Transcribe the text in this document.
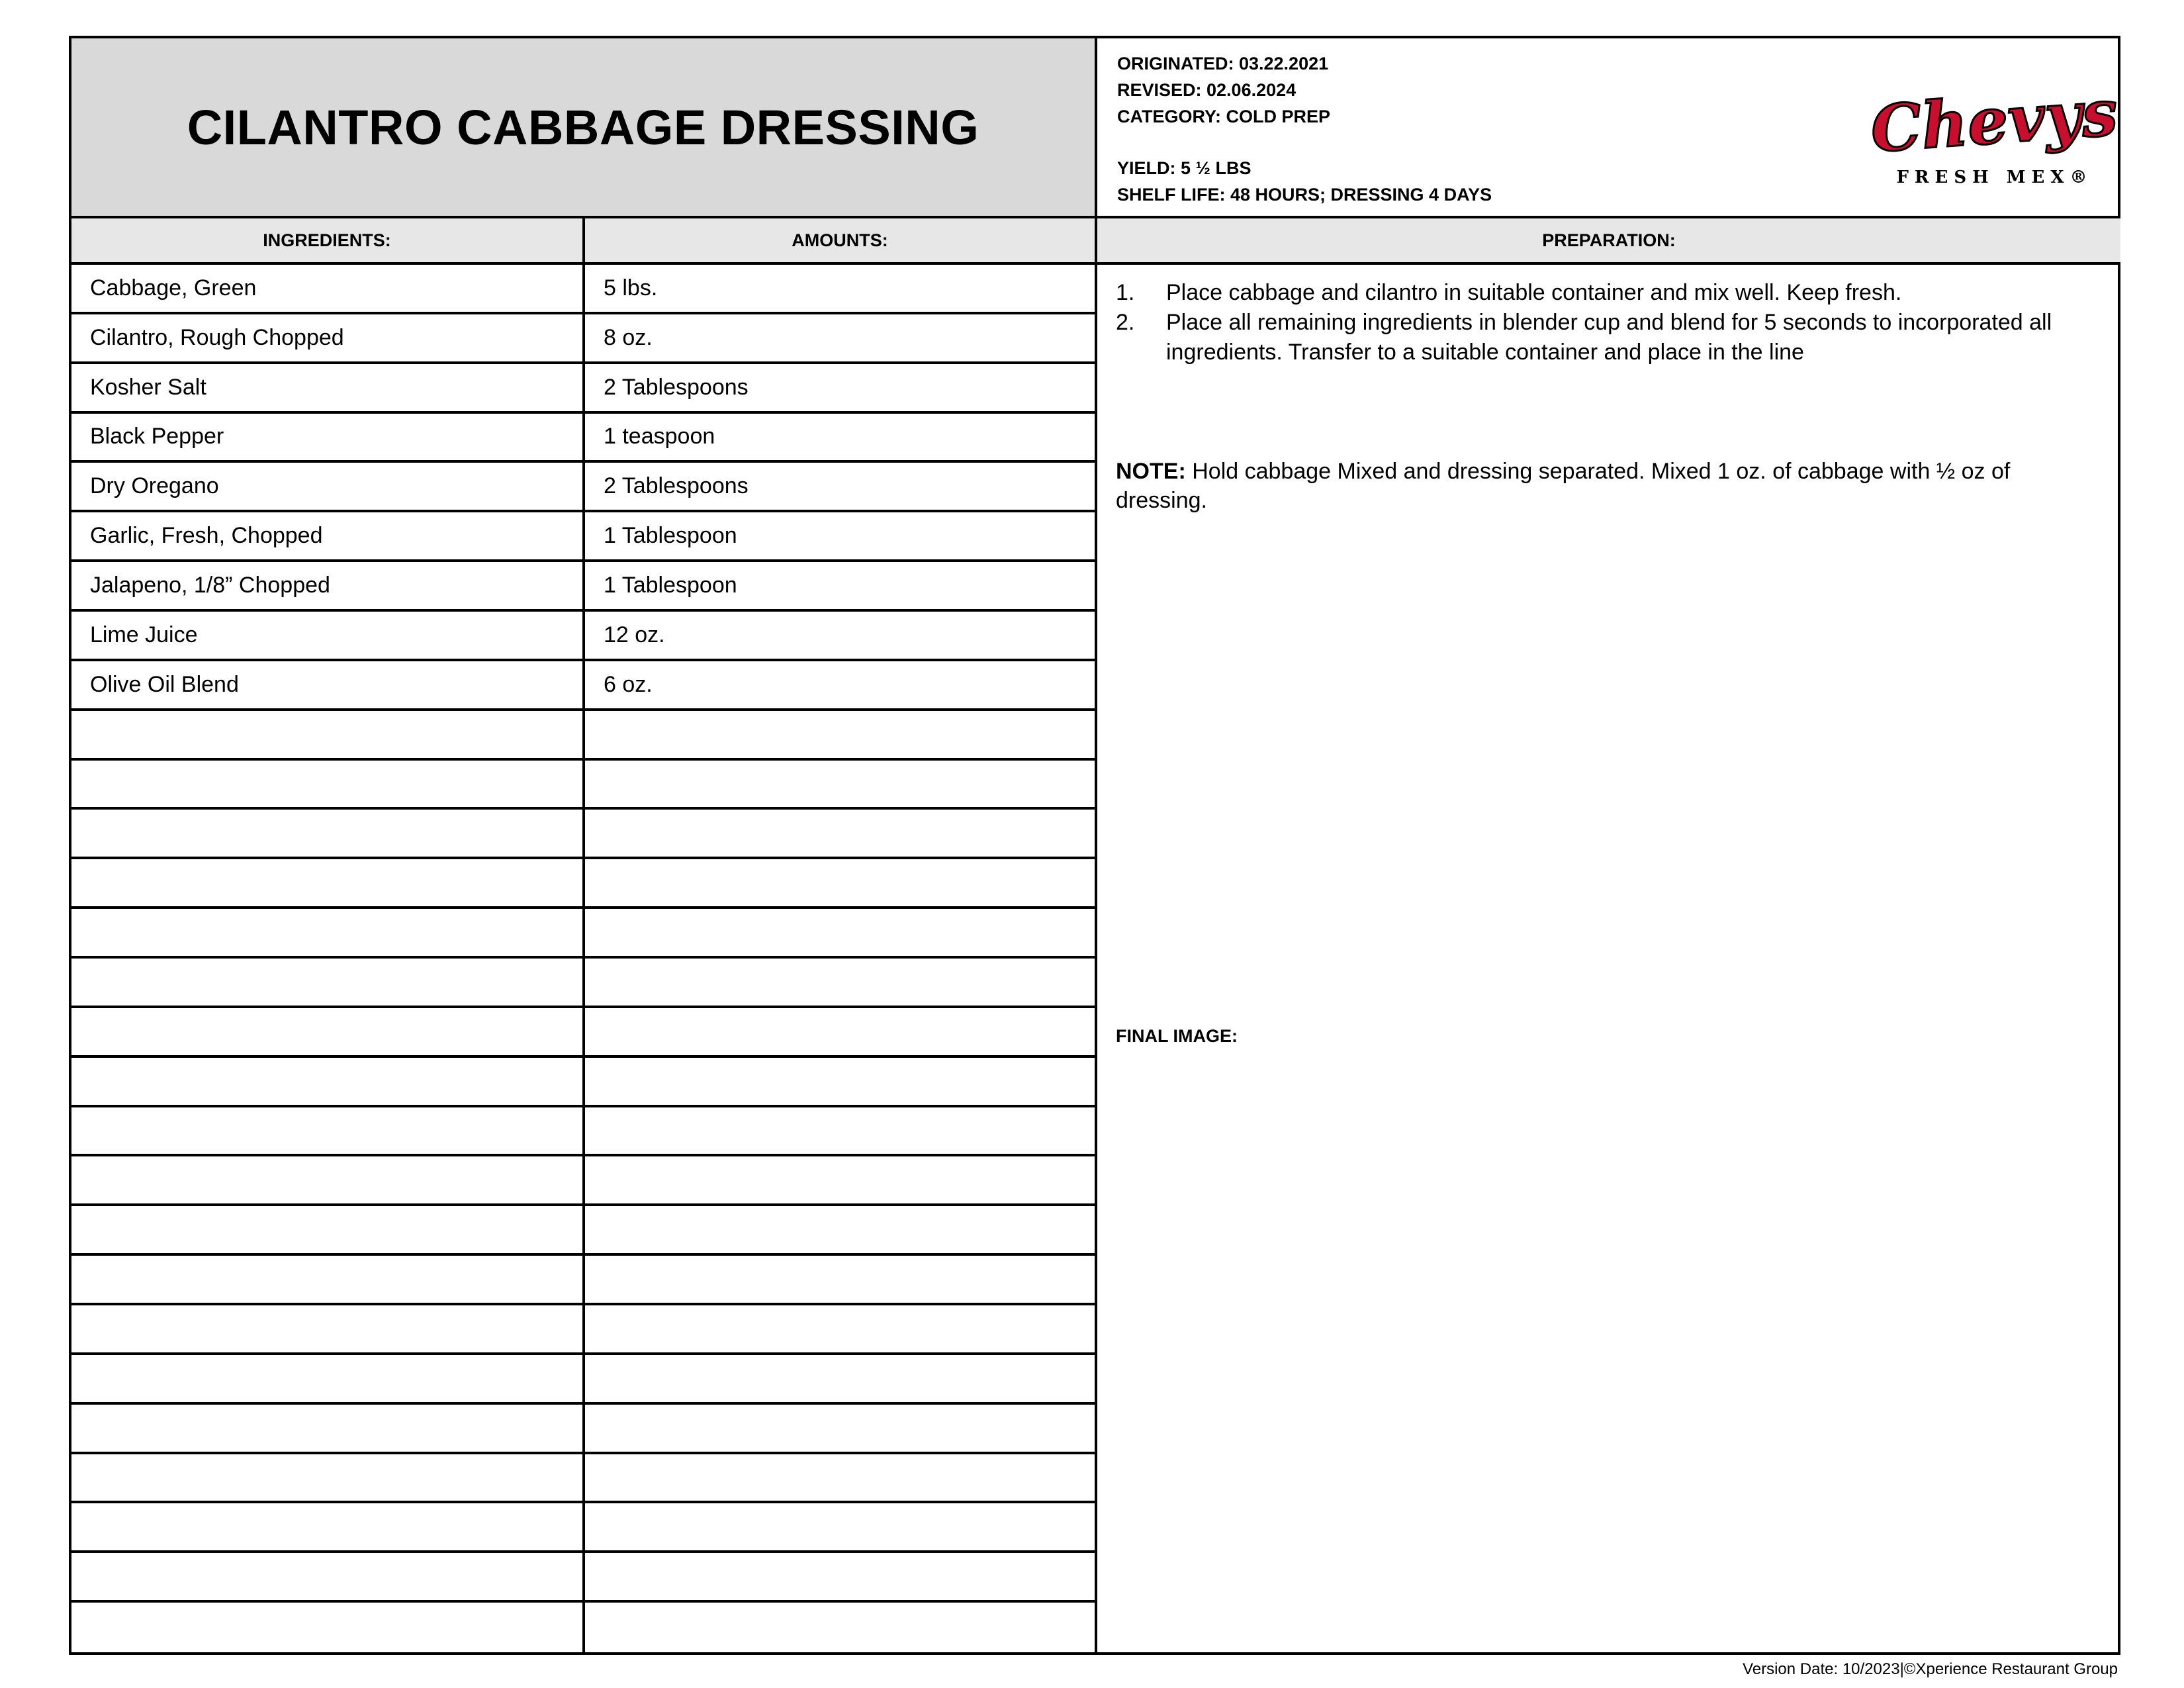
CILANTRO CABBAGE DRESSING
ORIGINATED: 03.22.2021
REVISED: 02.06.2024
CATEGORY: COLD PREP
YIELD: 5 ½ LBS
SHELF LIFE: 48 HOURS; DRESSING 4 DAYS
Chevys
FRESH MEX®
INGREDIENTS:	AMOUNTS:	PREPARATION:
Cabbage, Green	5 lbs.
Cilantro, Rough Chopped	8 oz.
Kosher Salt	2 Tablespoons
Black Pepper	1 teaspoon
Dry Oregano	2 Tablespoons
Garlic, Fresh, Chopped	1 Tablespoon
Jalapeno, 1/8” Chopped	1 Tablespoon
Lime Juice	12 oz.
Olive Oil Blend	6 oz.
1. Place cabbage and cilantro in suitable container and mix well. Keep fresh.
2. Place all remaining ingredients in blender cup and blend for 5 seconds to incorporated all ingredients. Transfer to a suitable container and place in the line
NOTE: Hold cabbage Mixed and dressing separated. Mixed 1 oz. of cabbage with ½ oz of dressing.
FINAL IMAGE:
Version Date: 10/2023|©Xperience Restaurant Group
